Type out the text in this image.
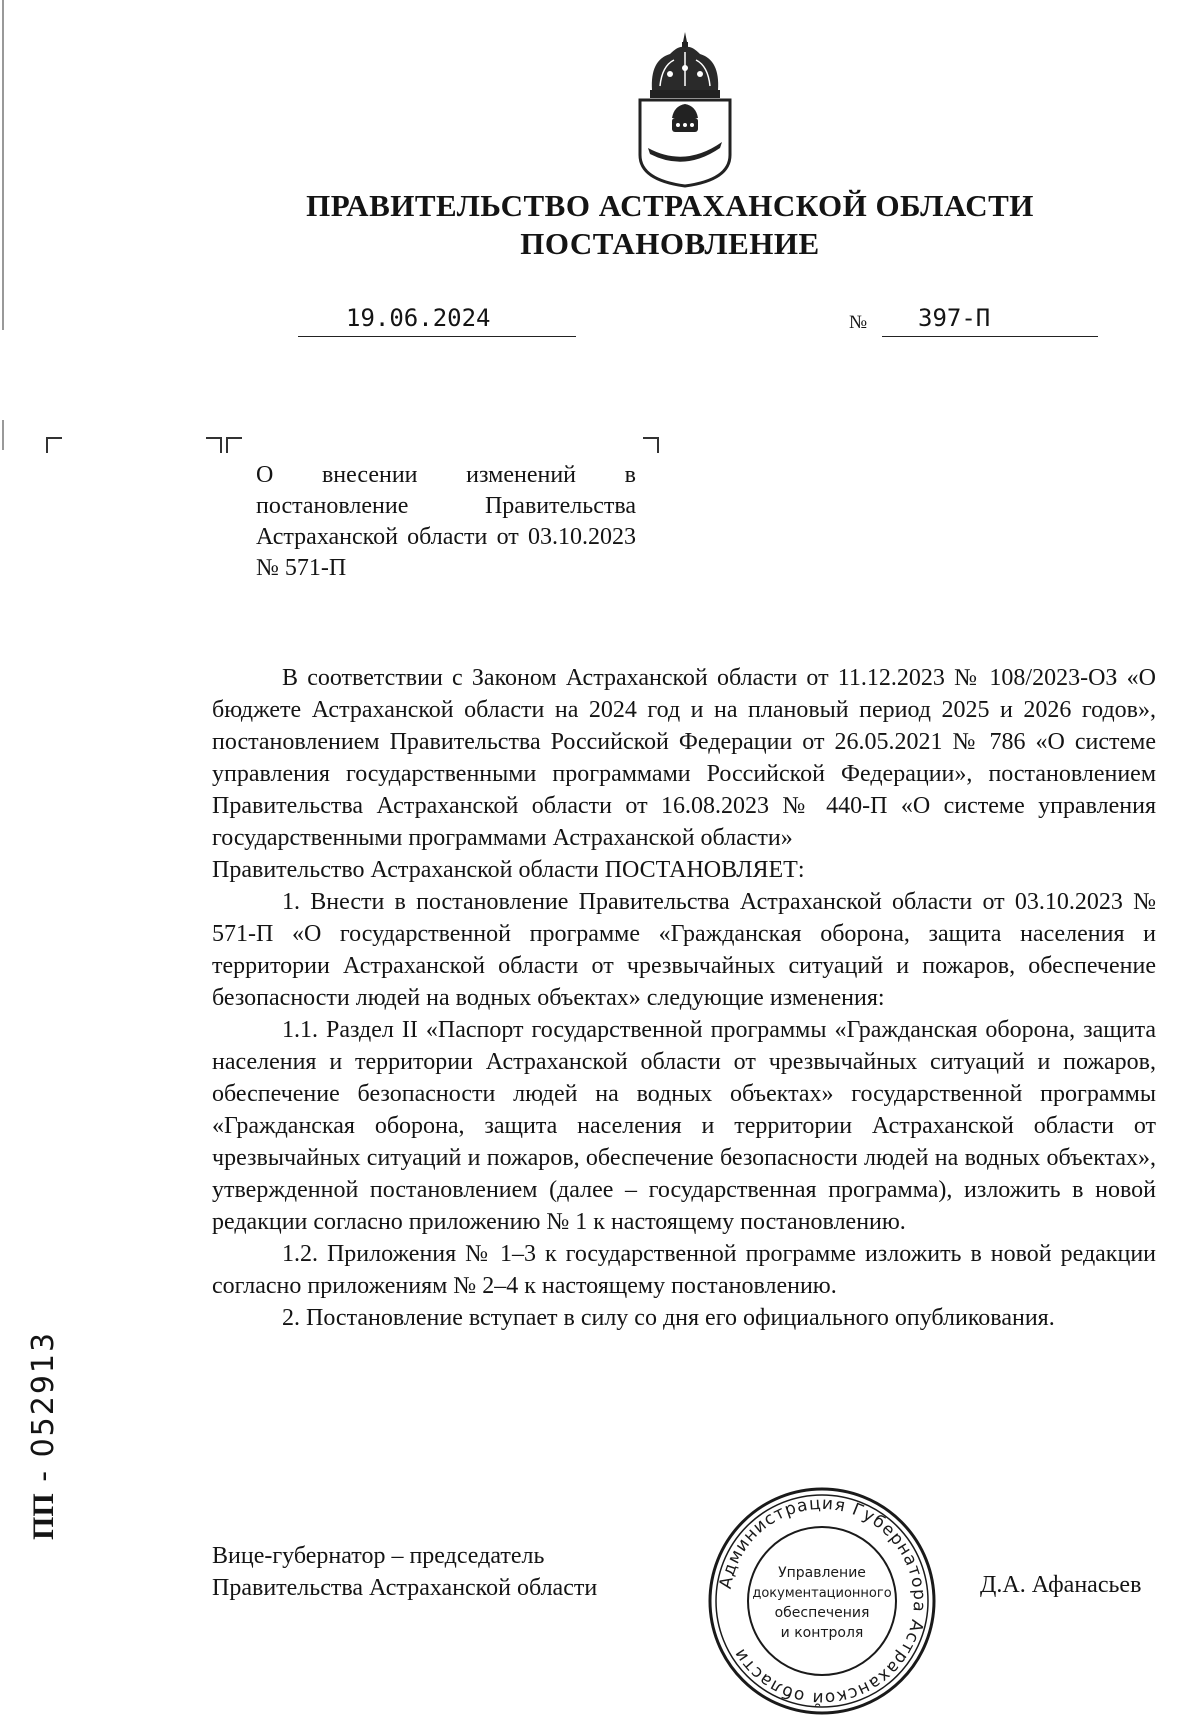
ПРАВИТЕЛЬСТВО АСТРАХАНСКОЙ ОБЛАСТИ
ПОСТАНОВЛЕНИЕ
19.06.2024	№ 397-П
О внесении изменений в постановление Правительства Астраханской области от 03.10.2023 № 571-П

В соответствии с Законом Астраханской области от 11.12.2023 № 108/2023-ОЗ «О бюджете Астраханской области на 2024 год и на плановый период 2025 и 2026 годов», постановлением Правительства Российской Федерации от 26.05.2021 № 786 «О системе управления государственными программами Российской Федерации», постановлением Правительства Астраханской области от 16.08.2023 № 440-П «О системе управления государственными программами Астраханской области»

Правительство Астраханской области ПОСТАНОВЛЯЕТ:

1. Внести в постановление Правительства Астраханской области от 03.10.2023 № 571-П «О государственной программе «Гражданская оборона, защита населения и территории Астраханской области от чрезвычайных ситуаций и пожаров, обеспечение безопасности людей на водных объектах» следующие изменения:

1.1. Раздел II «Паспорт государственной программы «Гражданская оборона, защита населения и территории Астраханской области от чрезвычайных ситуаций и пожаров, обеспечение безопасности людей на водных объектах» государственной программы «Гражданская оборона, защита населения и территории Астраханской области от чрезвычайных ситуаций и пожаров, обеспечение безопасности людей на водных объектах», утвержденной постановлением (далее – государственная программа), изложить в новой редакции согласно приложению № 1 к настоящему постановлению.

1.2. Приложения № 1–3 к государственной программе изложить в новой редакции согласно приложениям № 2–4 к настоящему постановлению.

2. Постановление вступает в силу со дня его официального опубликования.

Вице-губернатор – председатель
Правительства Астраханской области	Д.А. Афанасьев
Администрация Губернатора Астраханской области
Управление
документационного
обеспечения
и контроля
ПП - 052913
